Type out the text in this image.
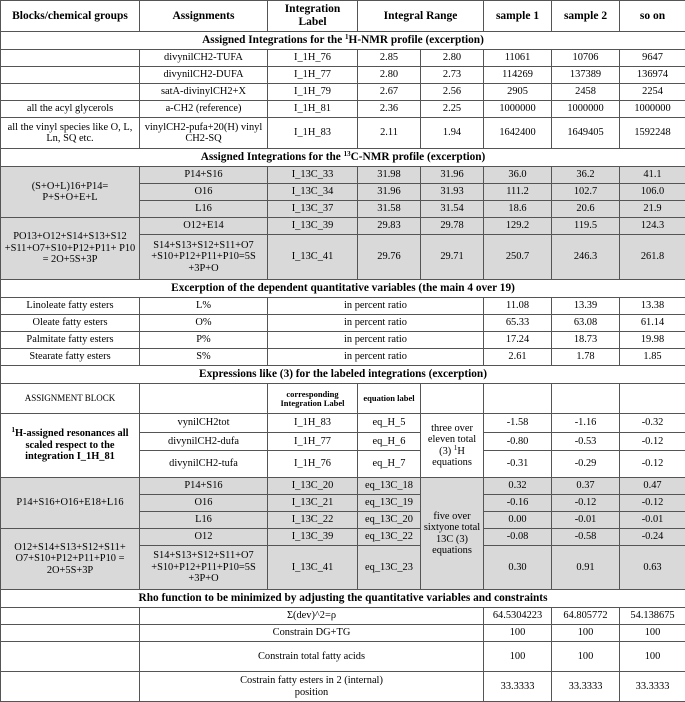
Blocks/chemical groups	Assignments	Integration Label	Integral Range		sample 1	sample 2	so on
Assigned Integrations for the $^1$H-NMR profile (excerption)							
	divynilCH2-TUFA	I_1H_76	2.85	2.80	11061	10706	9647
	divynilCH2-DUFA	I_1H_77	2.80	2.73	114269	137389	136974
	satA-divinylCH2+X	I_1H_79	2.67	2.56	2905	2458	2254
all the acyl glycerols	a-CH2 (reference)	I_1H_81	2.36	2.25	1000000	1000000	1000000
all the vinyl species like O, L, Ln, SQ etc.	vinylCH2-pufa+20(H) vinyl CH2-SQ	I_1H_83	2.11	1.94	1642400	1649405	1592248
Assigned Integrations for the $^{13}$C-NMR profile (excerption)							
(S+O+L)16+P14= P+S+O+E+L	P14+S16	I_13C_33	31.98	31.96	36.0	36.2	41.1
	O16	I_13C_34	31.96	31.93	111.2	102.7	106.0
	L16	I_13C_37	31.58	31.54	18.6	20.6	21.9
PO13+O12+S14+S13+S12 +S11+O7+S10+P12+P11+ P10 = 2O+5S+3P	O12+E14	I_13C_39	29.83	29.78	129.2	119.5	124.3
	S14+S13+S12+S11+O7 +S10+P12+P11+P10=5S +3P+O	I_13C_41	29.76	29.71	250.7	246.3	261.8
Excerption of the dependent quantitative variables (the main 4 over 19)							
Linoleate fatty esters	L%	in percent ratio			11.08	13.39	13.38
Oleate fatty esters	O%	in percent ratio			65.33	63.08	61.14
Palmitate fatty esters	P%	in percent ratio			17.24	18.73	19.98
Stearate fatty esters	S%	in percent ratio			2.61	1.78	1.85
Expressions like (3) for the labeled integrations (excerption)							
ASSIGNMENT BLOCK		corresponding Integration Label	equation label				
$^1$H-assigned resonances all scaled respect to the integration I_1H_81	vynilCH2tot	I_1H_83	eq_H_5	three over eleven total (3) $^1$H equations	-1.58	-1.16	-0.32
	divynilCH2-dufa	I_1H_77	eq_H_6		-0.80	-0.53	-0.12
	divynilCH2-tufa	I_1H_76	eq_H_7		-0.31	-0.29	-0.12
P14+S16+O16+E18+L16	P14+S16	I_13C_20	eq_13C_18	five over sixtyone total 13C (3) equations	0.32	0.37	0.47
	O16	I_13C_21	eq_13C_19		-0.16	-0.12	-0.12
	L16	I_13C_22	eq_13C_20		0.00	-0.01	-0.01
O12+S14+S13+S12+S11+ O7+S10+P12+P11+P10 = 2O+5S+3P	O12	I_13C_39	eq_13C_22		-0.08	-0.58	-0.24
	S14+S13+S12+S11+O7 +S10+P12+P11+P10=5S +3P+O	I_13C_41	eq_13C_23		0.30	0.91	0.63
Rho function to be minimized by adjusting the quantitative variables and constraints							
	Σ(dev)^2=ρ				64.5304223	64.805772	54.138675
	Constrain DG+TG				100	100	100

	Constrain total fatty acids				100	100	100

	Costrain fatty esters in 2 (internal) position				33.3333	33.3333	33.3333
